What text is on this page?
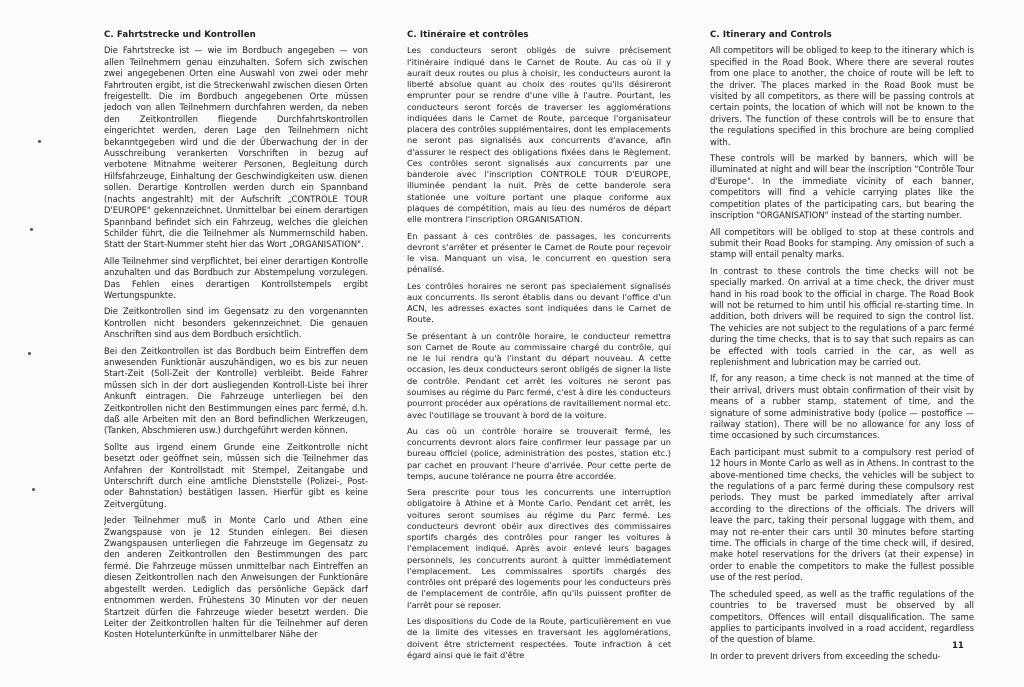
C. Fahrtstrecke und Kontrollen

Die Fahrtstrecke ist — wie im Bordbuch angegeben — von allen Teilnehmern genau einzuhalten. Sofern sich zwischen zwei angegebenen Orten eine Auswahl von zwei oder mehr Fahrtrouten ergibt, ist die Streckenwahl zwischen diesen Orten freigestellt. Die im Bordbuch angegebenen Orte müssen jedoch von allen Teilnehmern durchfahren werden, da neben den Zeitkontrollen fliegende Durchfahrtskontrollen eingerichtet werden, deren Lage den Teilnehmern nicht bekanntgegeben wird und die der Überwachung der in der Ausschreibung verankerten Vorschriften in bezug auf verbotene Mitnahme weiterer Personen, Begleitung durch Hilfsfahrzeuge, Einhaltung der Geschwindigkeiten usw. dienen sollen. Derartige Kontrollen werden durch ein Spannband (nachts angestrahlt) mit der Aufschrift „CONTROLE TOUR D'EUROPE" gekennzeichnet. Unmittelbar bei einem derartigen Spannband befindet sich ein Fahrzeug, welches die gleichen Schilder führt, die die Teilnehmer als Nummernschild haben. Statt der Start-Nummer steht hier das Wort „ORGANISATION".

Alle Teilnehmer sind verpflichtet, bei einer derartigen Kontrolle anzuhalten und das Bordbuch zur Abstempelung vorzulegen. Das Fehlen eines derartigen Kontrollstempels ergibt Wertungspunkte.

Die Zeitkontrollen sind im Gegensatz zu den vorgenannten Kontrollen nicht besonders gekennzeichnet. Die genauen Anschriften sind aus dem Bordbuch ersichtlich.

Bei den Zeitkontrollen ist das Bordbuch beim Eintreffen dem anwesenden Funktionär auszuhändigen, wo es bis zur neuen Start-Zeit (Soll-Zeit der Kontrolle) verbleibt. Beide Fahrer müssen sich in der dort ausliegenden Kontroll-Liste bei ihrer Ankunft eintragen. Die Fahrzeuge unterliegen bei den Zeitkontrollen nicht den Bestimmungen eines parc fermé, d.h. daß alle Arbeiten mit den an Bord befindlichen Werkzeugen, (Tanken, Abschmieren usw.) durchgeführt werden können.

Sollte aus irgend einem Grunde eine Zeitkontrolle nicht besetzt oder geöffnet sein, müssen sich die Teilnehmer das Anfahren der Kontrollstadt mit Stempel, Zeitangabe und Unterschrift durch eine amtliche Dienststelle (Polizei-, Post- oder Bahnstation) bestätigen lassen. Hierfür gibt es keine Zeitvergütung.

Jeder Teilnehmer muß in Monte Carlo und Athen eine Zwangspause von je 12 Stunden einlegen. Bei diesen Zwangspausen unterliegen die Fahrzeuge im Gegensatz zu den anderen Zeitkontrollen den Bestimmungen des parc fermé. Die Fahrzeuge müssen unmittelbar nach Eintreffen an diesen Zeitkontrollen nach den Anweisungen der Funktionäre abgestellt werden. Lediglich das persönliche Gepäck darf entnommen werden. Frühestens 30 Minuten vor der neuen Startzeit dürfen die Fahrzeuge wieder besetzt werden. Die Leiter der Zeitkontrollen halten für die Teilnehmer auf deren Kosten Hotelunterkünfte in unmittelbarer Nähe der

C. Itinéraire et contrôles

Les conducteurs seront obligés de suivre précisement l'itinéraire indiqué dans le Carnet de Route. Au cas où il y aurait deux routes ou plus à choisir, les conducteurs auront la liberté absolue quant au choix des routes qu'ils désireront emprunter pour se rendre d'une ville à l'autre. Pourtant, les conducteurs seront forcés de traverser les agglomérations indiquées dans le Carnet de Route, parceque l'organisateur placera des contrôles supplémentaires, dont les emplacements ne seront pas signalisés aux concurrents d'avance, afin d'assurer le respect des obligations fixées dans le Règlement. Ces contrôles seront signalisés aux concurrents par une banderole avec l'inscription CONTROLE TOUR D'EUROPE, illuminée pendant la nuit. Près de cette banderole sera stationée une voiture portant une plaque conforme aux plaques de compétition, mais au lieu des numéros de départ elle montrera l'inscription ORGANISATION.

En passant à ces contrôles de passages, les concurrents devront s'arrêter et présenter le Carnet de Route pour reçevoir le visa. Manquant un visa, le concurrent en question sera pénalisé.

Les contrôles horaires ne seront pas specialement signalisés aux concurrents. Ils seront établis dans ou devant l'office d'un ACN, les adresses exactes sont indiquées dans le Carnet de Route.

Se présentant à un contrôle horaire, le conducteur remettra son Carnet de Route au commissaire chargé du contrôle, qui ne le lui rendra qu'à l'instant du départ nouveau. A cette occasion, les deux conducteurs seront obligés de signer la liste de contrôle. Pendant cet arrêt les voitures ne seront pas soumises au régime du Parc fermé, c'est à dire les conducteurs pourront procéder aux opérations de ravitaillement normal etc. avec l'outillage se trouvant à bord de la voiture.

Au cas où un contrôle horaire se trouverait fermé, les concurrents devront alors faire confirmer leur passage par un bureau officiel (police, administration des postes, station etc.) par cachet en prouvant l'heure d'arrivée. Pour cette perte de temps, aucune tolérance ne pourra être accordée.

Sera prescrite pour tous les concurrents une interruption obligatoire à Athine et à Monte Carlo. Pendant cet arrêt, les voitures seront soumises au régime du Parc fermé. Les conducteurs devront obéir aux directives des commissaires sportifs chargés des contrôles pour ranger les voitures à l'emplacement indiqué. Après avoir enlevé leurs bagages personnels, les concurrents auront à quitter immédiatement l'emplacement. Les commissaires sportifs chargés des contrôles ont préparé des logements pour les conducteurs près de l'emplacement de contrôle, afin qu'ils puissent profiter de l'arrêt pour se reposer.

Les dispositions du Code de la Route, particulièrement en vue de la limite des vitesses en traversant les agglomérations, doivent être strictement respectées. Toute infraction à cet égard ainsi que le fait d'être

C. Itinerary and Controls

All competitors will be obliged to keep to the itinerary which is specified in the Road Book. Where there are several routes from one place to another, the choice of route will be left to the driver. The places marked in the Road Book must be visited by all competitors, as there will be passing controls at certain points, the location of which will not be known to the drivers. The function of these controls will be to ensure that the regulations specified in this brochure are being complied with.

These controls will be marked by banners, which will be illuminated at night and will bear the inscription "Contrôle Tour d'Europe". In the immediate vicinity of each banner, competitors will find a vehicle carrying plates like the competition plates of the participating cars, but bearing the inscription "ORGANISATION" instead of the starting number.

All competitors will be obliged to stop at these controls and submit their Road Books for stamping. Any omission of such a stamp will entail penalty marks.

In contrast to these controls the time checks will not be specially marked. On arrival at a time check, the driver must hand in his road book to the official in charge. The Road Book will not be returned to him until his official re-starting time. In addition, both drivers will be required to sign the control list. The vehicles are not subject to the regulations of a parc fermé during the time checks, that is to say that such repairs as can be effected with tools carried in the car, as well as replenishment and lubrication may be carried out.

If, for any reason, a time check is not manned at the time of their arrival, drivers must obtain confirmation of their visit by means of a rubber stamp, statement of time, and the signature of some administrative body (police — postoffice — railway station). There will be no allowance for any loss of time occasioned by such circumstances.

Each participant must submit to a compulsory rest period of 12 hours in Monte Carlo as well as in Athens. In contrast to the above-mentioned time checks, the vehicles will be subject to the regulations of a parc fermé during these compulsory rest periods. They must be parked immediately after arrival according to the directions of the officials. The drivers will leave the parc, taking their personal luggage with them, and may not re-enter their cars until 30 minutes before starting time. The officials in charge of the time check will, if desired, make hotel reservations for the drivers (at their expense) in order to enable the competitors to make the fullest possible use of the rest period.

The scheduled speed, as well as the traffic regulations of the countries to be traversed must be observed by all competitors. Offences will entail disqualification. The same applies to participants involved in a road accident, regardless of the question of blame.

In order to prevent drivers from exceeding the schedu-

11
